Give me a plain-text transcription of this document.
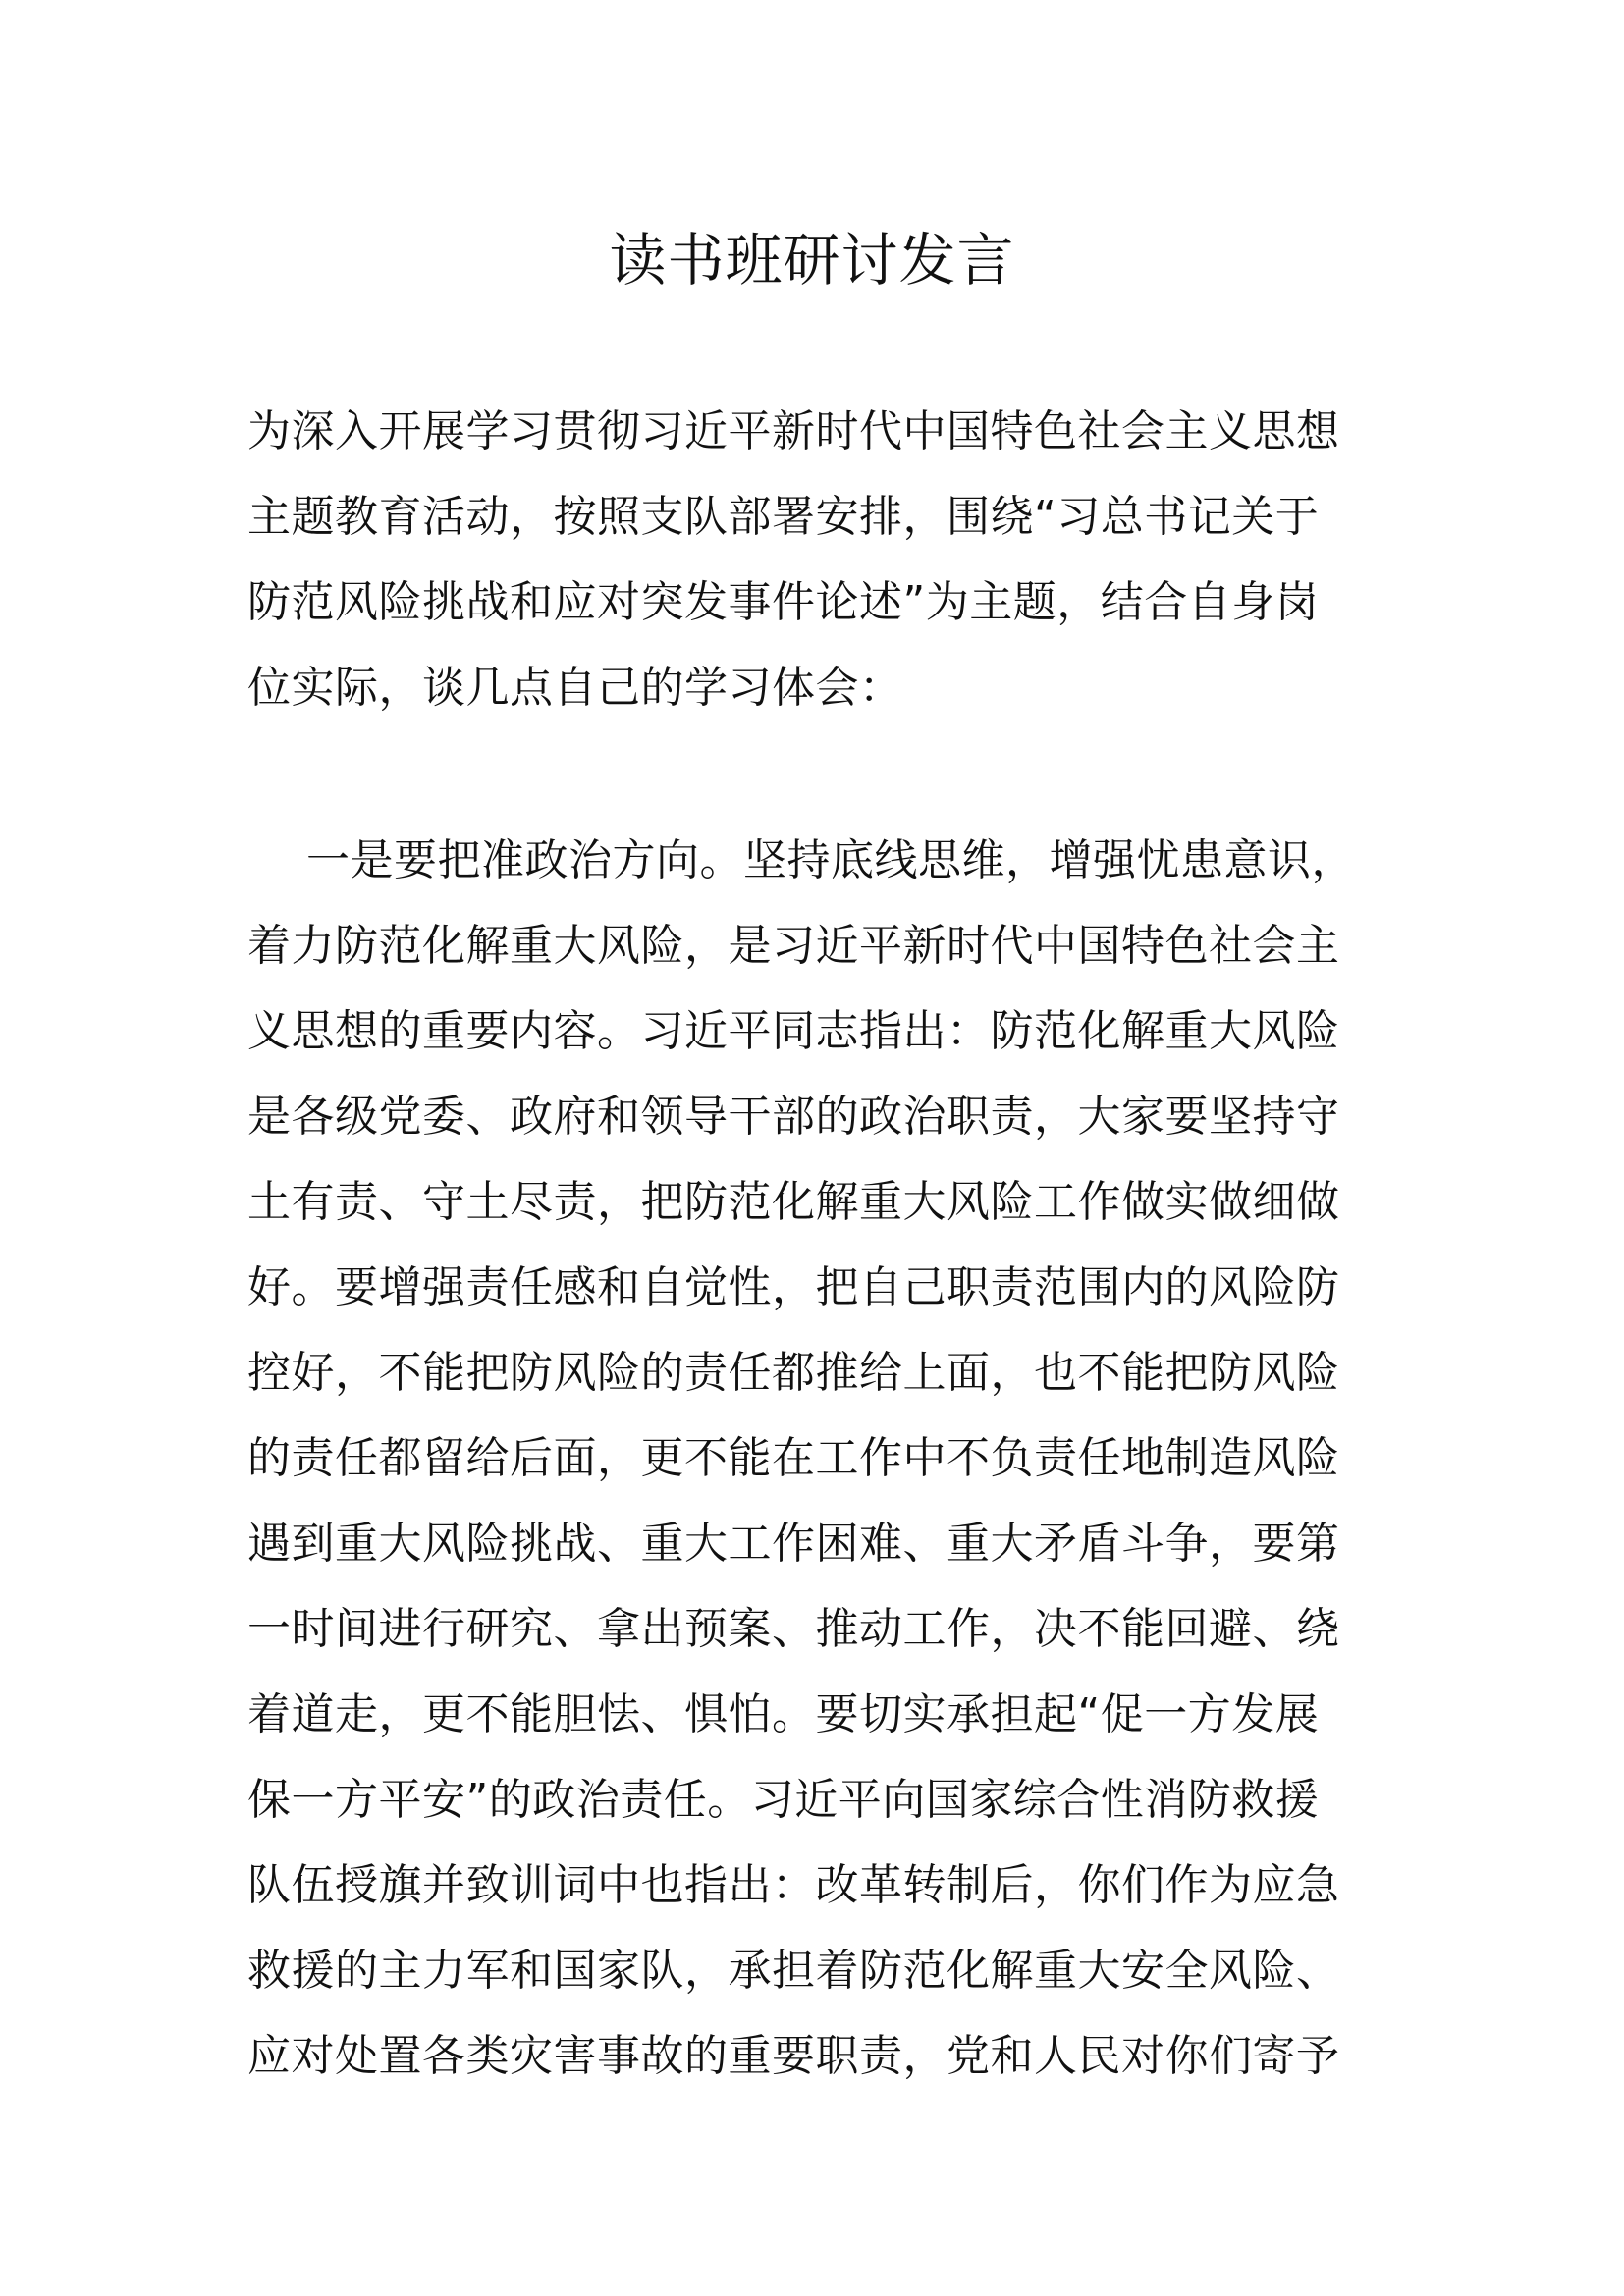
读书班研讨发言
为深入开展学习贯彻习近平新时代中国特色社会主义思想
主题教育活动，按照支队部署安排，围绕“习总书记关于
防范风险挑战和应对突发事件论述”为主题，结合自身岗
位实际，谈几点自己的学习体会：
一是要把准政治方向。坚持底线思维，增强忧患意识，
着力防范化解重大风险，是习近平新时代中国特色社会主
义思想的重要内容。习近平同志指出：防范化解重大风险
是各级党委、政府和领导干部的政治职责，大家要坚持守
土有责、守土尽责，把防范化解重大风险工作做实做细做
好。要增强责任感和自觉性，把自己职责范围内的风险防
控好，不能把防风险的责任都推给上面，也不能把防风险
的责任都留给后面，更不能在工作中不负责任地制造风险
遇到重大风险挑战、重大工作困难、重大矛盾斗争，要第
一时间进行研究、拿出预案、推动工作，决不能回避、绕
着道走，更不能胆怯、惧怕。要切实承担起“促一方发展
保一方平安”的政治责任。习近平向国家综合性消防救援
队伍授旗并致训词中也指出：改革转制后，你们作为应急
救援的主力军和国家队，承担着防范化解重大安全风险、
应对处置各类灾害事故的重要职责，党和人民对你们寄予
